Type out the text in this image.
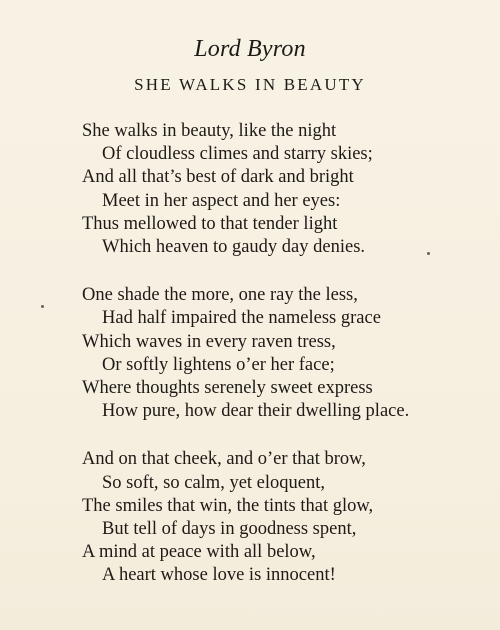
Lord Byron
SHE WALKS IN BEAUTY
She walks in beauty, like the night
Of cloudless climes and starry skies;
And all that’s best of dark and bright
Meet in her aspect and her eyes:
Thus mellowed to that tender light
Which heaven to gaudy day denies.
One shade the more, one ray the less,
Had half impaired the nameless grace
Which waves in every raven tress,
Or softly lightens o’er her face;
Where thoughts serenely sweet express
How pure, how dear their dwelling place.
And on that cheek, and o’er that brow,
So soft, so calm, yet eloquent,
The smiles that win, the tints that glow,
But tell of days in goodness spent,
A mind at peace with all below,
A heart whose love is innocent!
